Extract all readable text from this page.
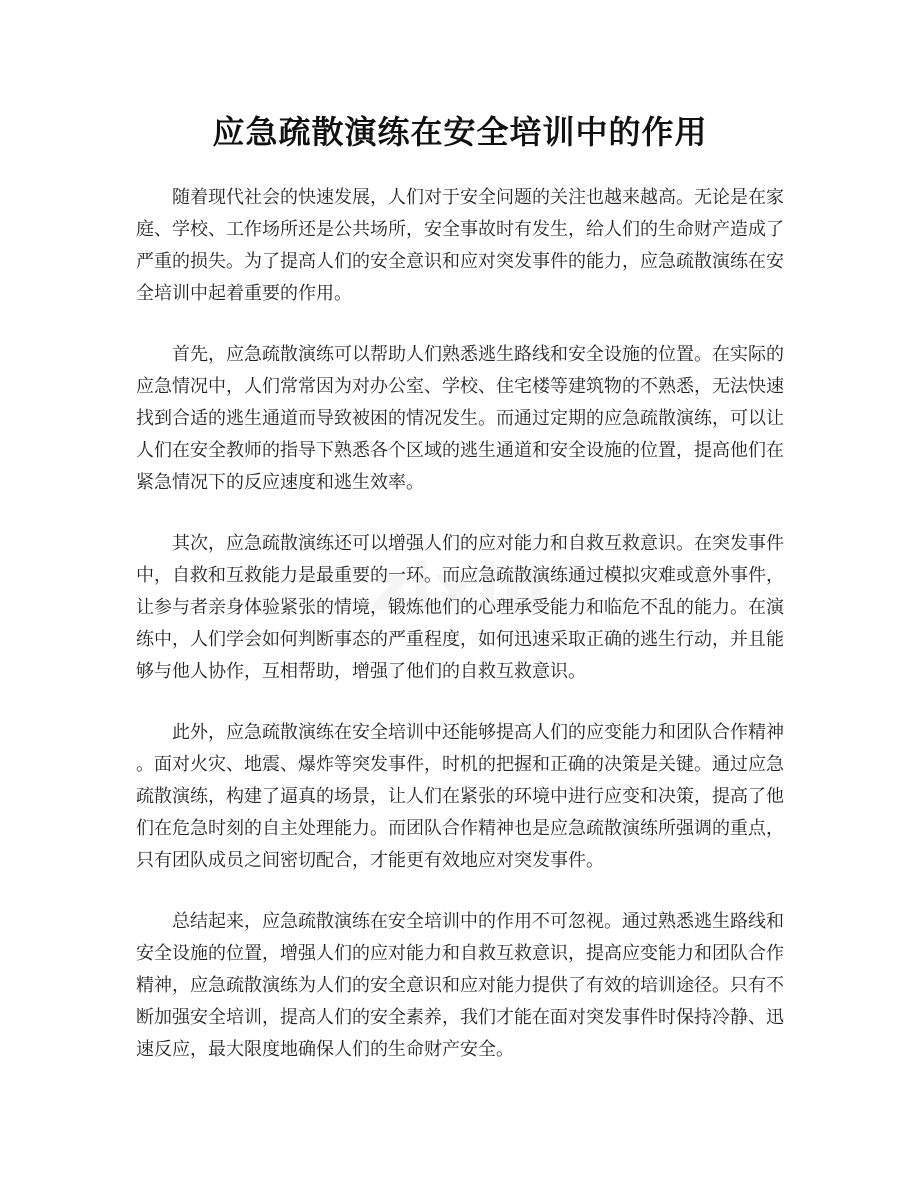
应急疏散演练在安全培训中的作用
zixin

随着现代社会的快速发展，人们对于安全问题的关注也越来越高。无论是在家
庭、学校、工作场所还是公共场所，安全事故时有发生，给人们的生命财产造成了
严重的损失。为了提高人们的安全意识和应对突发事件的能力，应急疏散演练在安
全培训中起着重要的作用。

首先，应急疏散演练可以帮助人们熟悉逃生路线和安全设施的位置。在实际的
应急情况中，人们常常因为对办公室、学校、住宅楼等建筑物的不熟悉，无法快速
找到合适的逃生通道而导致被困的情况发生。而通过定期的应急疏散演练，可以让
人们在安全教师的指导下熟悉各个区域的逃生通道和安全设施的位置，提高他们在
紧急情况下的反应速度和逃生效率。

其次，应急疏散演练还可以增强人们的应对能力和自救互救意识。在突发事件
中，自救和互救能力是最重要的一环。而应急疏散演练通过模拟灾难或意外事件，
让参与者亲身体验紧张的情境，锻炼他们的心理承受能力和临危不乱的能力。在演
练中，人们学会如何判断事态的严重程度，如何迅速采取正确的逃生行动，并且能
够与他人协作，互相帮助，增强了他们的自救互救意识。

此外，应急疏散演练在安全培训中还能够提高人们的应变能力和团队合作精神
。面对火灾、地震、爆炸等突发事件，时机的把握和正确的决策是关键。通过应急
疏散演练，构建了逼真的场景，让人们在紧张的环境中进行应变和决策，提高了他
们在危急时刻的自主处理能力。而团队合作精神也是应急疏散演练所强调的重点，
只有团队成员之间密切配合，才能更有效地应对突发事件。

总结起来，应急疏散演练在安全培训中的作用不可忽视。通过熟悉逃生路线和
安全设施的位置，增强人们的应对能力和自救互救意识，提高应变能力和团队合作
精神，应急疏散演练为人们的安全意识和应对能力提供了有效的培训途径。只有不
断加强安全培训，提高人们的安全素养，我们才能在面对突发事件时保持冷静、迅
速反应，最大限度地确保人们的生命财产安全。
